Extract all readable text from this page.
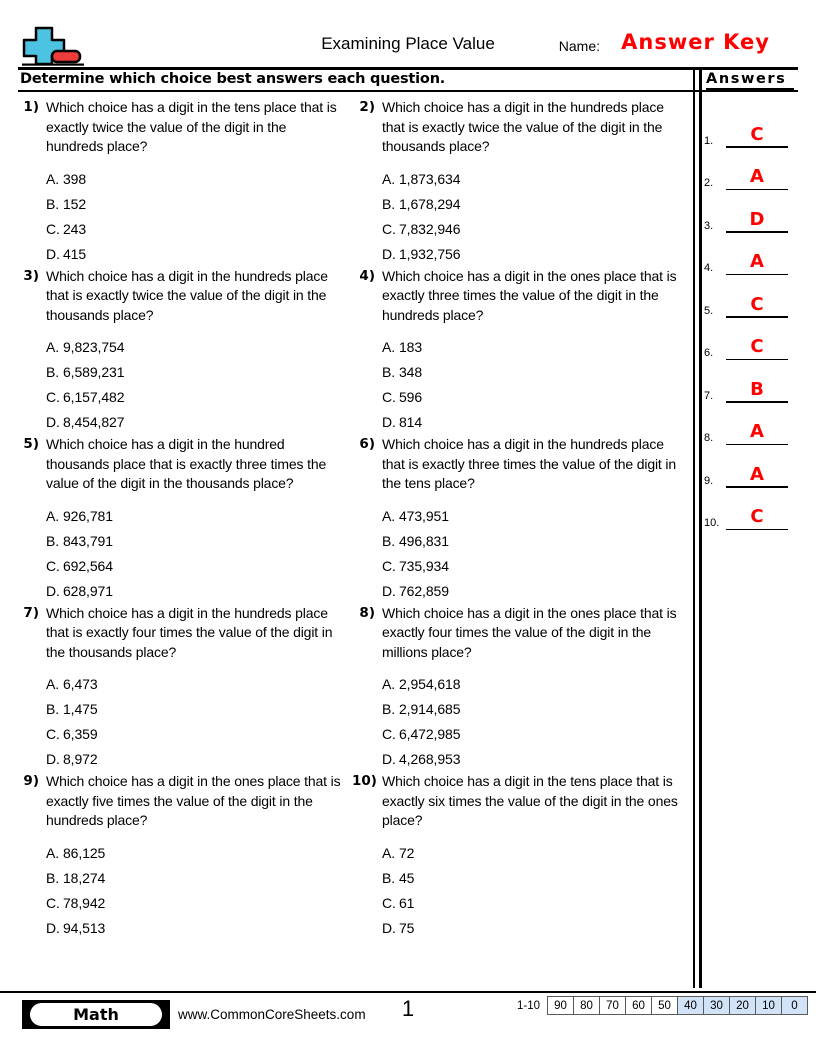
Examining Place Value	Name: Answer Key
Determine which choice best answers each question.	Answers
1.	C
2.	A
3.	D
4.	A
5.	C
6.	C
7.	B
8.	A
9.	A
10.	C
1) Which choice has a digit in the tens place that is exactly twice the value of the digit in the hundreds place?
A. 398
B. 152
C. 243
D. 415
2) Which choice has a digit in the hundreds place that is exactly twice the value of the digit in the thousands place?
A. 1,873,634
B. 1,678,294
C. 7,832,946
D. 1,932,756
3) Which choice has a digit in the hundreds place that is exactly twice the value of the digit in the thousands place?
A. 9,823,754
B. 6,589,231
C. 6,157,482
D. 8,454,827
4) Which choice has a digit in the ones place that is exactly three times the value of the digit in the hundreds place?
A. 183
B. 348
C. 596
D. 814
5) Which choice has a digit in the hundred thousands place that is exactly three times the value of the digit in the thousands place?
A. 926,781
B. 843,791
C. 692,564
D. 628,971
6) Which choice has a digit in the hundreds place that is exactly three times the value of the digit in the tens place?
A. 473,951
B. 496,831
C. 735,934
D. 762,859
7) Which choice has a digit in the hundreds place that is exactly four times the value of the digit in the thousands place?
A. 6,473
B. 1,475
C. 6,359
D. 8,972
8) Which choice has a digit in the ones place that is exactly four times the value of the digit in the millions place?
A. 2,954,618
B. 2,914,685
C. 6,472,985
D. 4,268,953
9) Which choice has a digit in the ones place that is exactly five times the value of the digit in the hundreds place?
A. 86,125
B. 18,274
C. 78,942
D. 94,513
10) Which choice has a digit in the tens place that is exactly six times the value of the digit in the ones place?
A. 72
B. 45
C. 61
D. 75
Math	www.CommonCoreSheets.com	1	1-10	90	80	70	60	50	40	30	20	10	0
